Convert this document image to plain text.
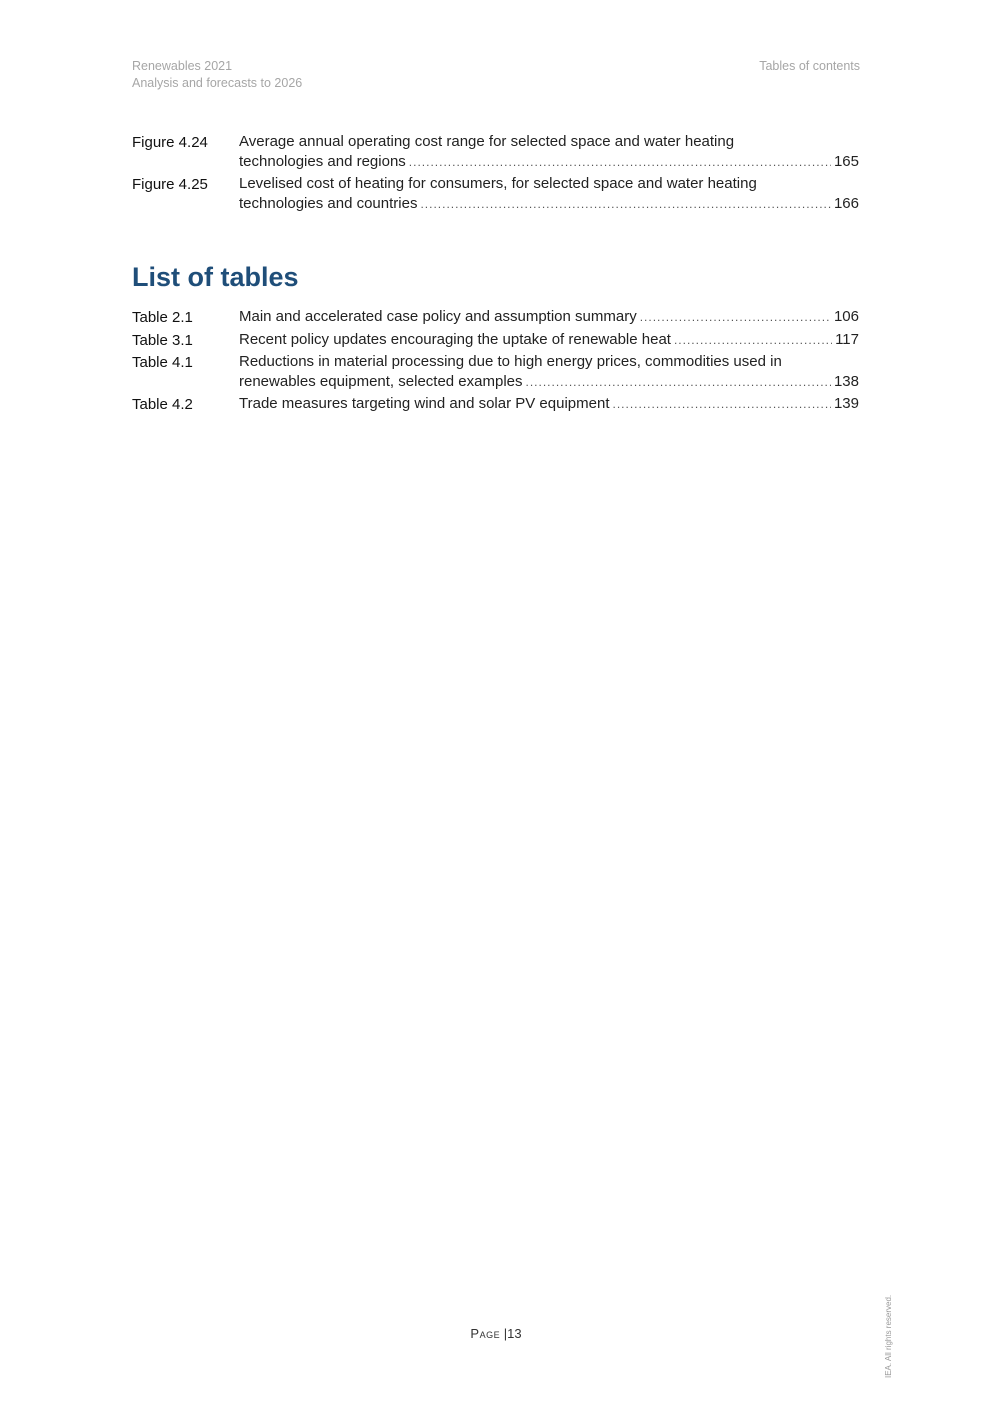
Renewables 2021
Analysis and forecasts to 2026
Tables of contents
Figure 4.24 Average annual operating cost range for selected space and water heating
technologies and regions .....	165
Figure 4.25 Levelised cost of heating for consumers, for selected space and water heating
technologies and countries .....	166
List of tables
Table 2.1	Main and accelerated case policy and assumption summary .....	106
Table 3.1	Recent policy updates encouraging the uptake of renewable heat .....	117
Table 4.1	Reductions in material processing due to high energy prices, commodities used in
renewables equipment, selected examples .....	138
Table 4.2	Trade measures targeting wind and solar PV equipment .....	139
Page |13	IEA. All rights reserved.
